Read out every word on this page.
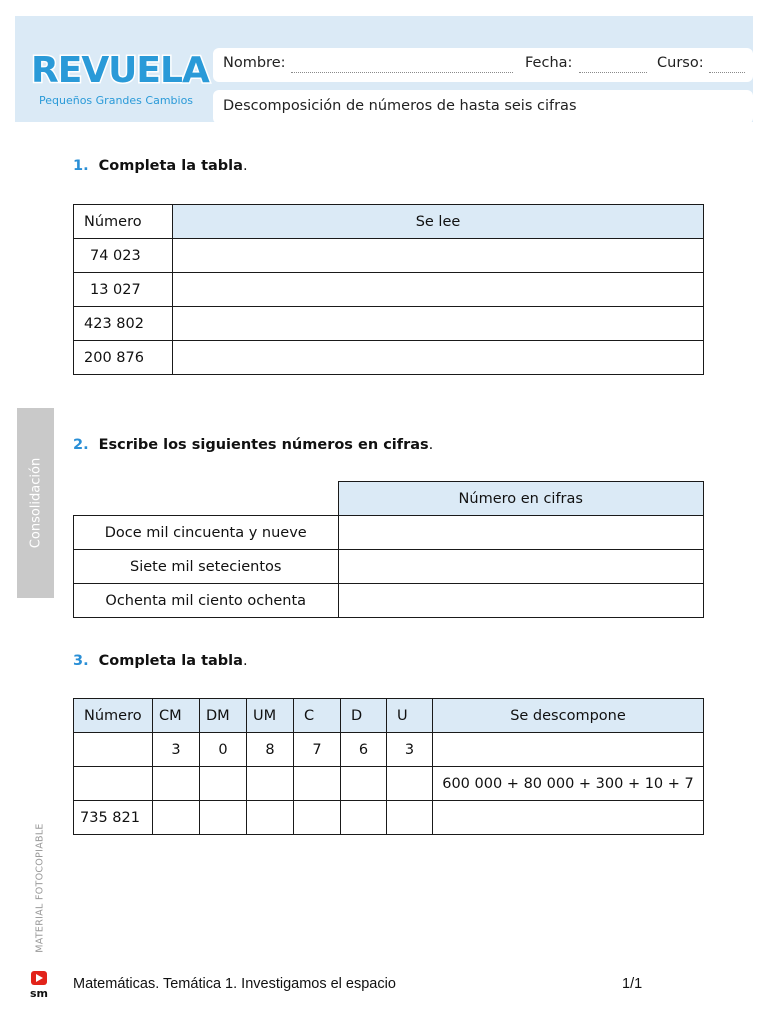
REVUELA
Pequeños Grandes Cambios
Nombre:	Fecha:	Curso:
Descomposición de números de hasta seis cifras
Consolidación
MATERIAL FOTOCOPIABLE
1. Completa la tabla.
Número	Se lee
74 023	
13 027	
423 802	
200 876	
2. Escribe los siguientes números en cifras.
	Número en cifras
Doce mil cincuenta y nueve	
Siete mil setecientos	
Ochenta mil ciento ochenta	
3. Completa la tabla.
Número	CM	DM	UM	C	D	U	Se descompone
	3	0	8	7	6	3	
							600 000 + 80 000 + 300 + 10 + 7
735 821							
sm
Matemáticas. Temática 1. Investigamos el espacio	1/1
